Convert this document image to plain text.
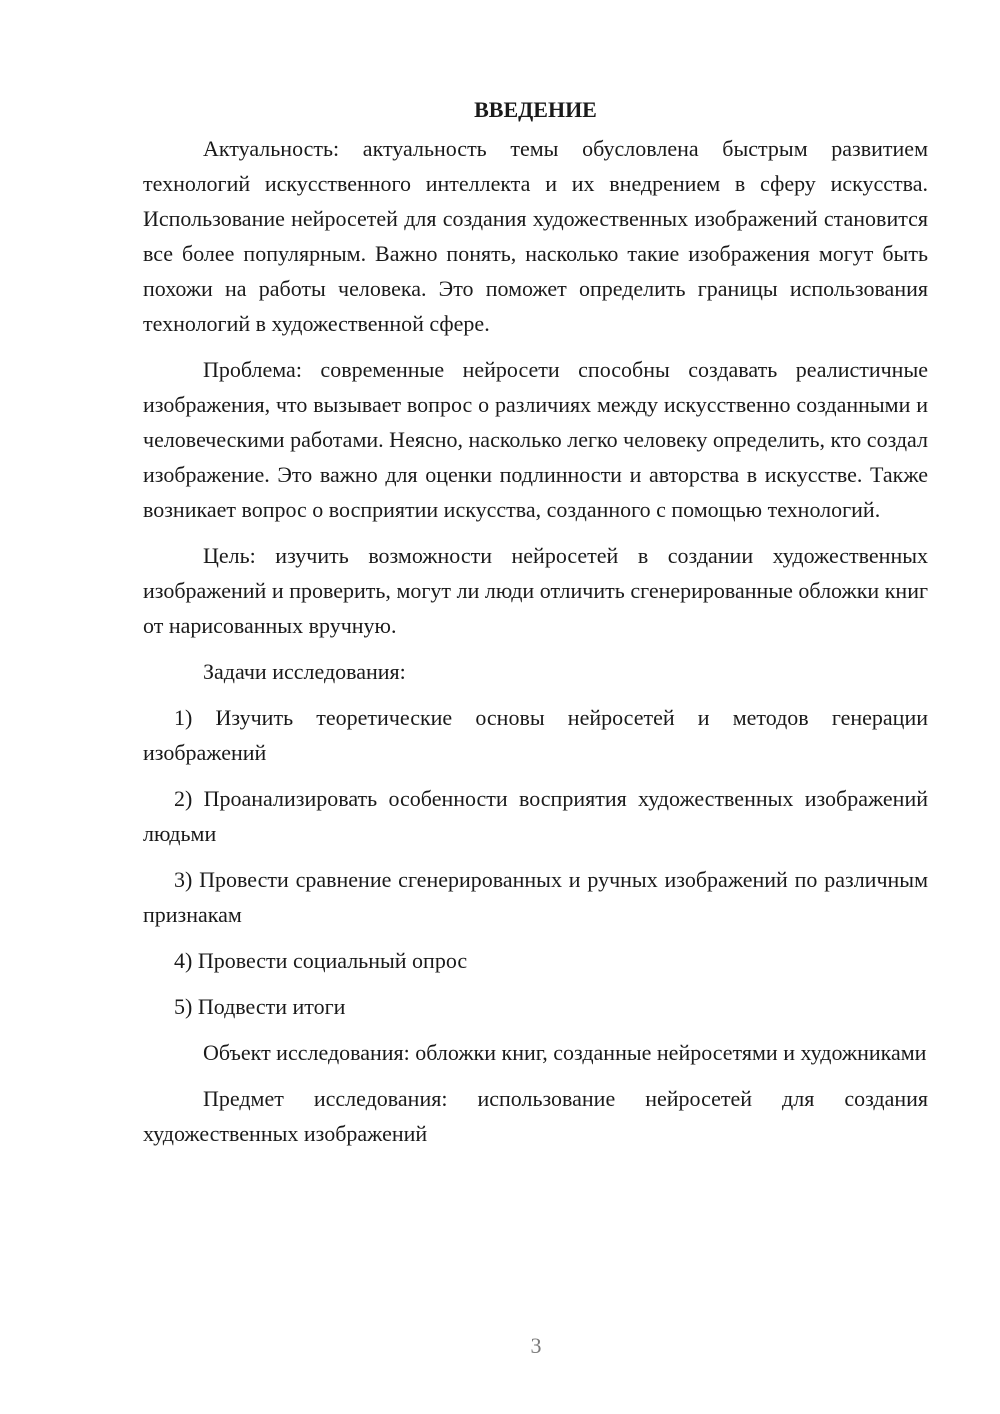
ВВЕДЕНИЕ

Актуальность: актуальность темы обусловлена быстрым развитием технологий искусственного интеллекта и их внедрением в сферу искусства. Использование нейросетей для создания художественных изображений становится все более популярным. Важно понять, насколько такие изображения могут быть похожи на работы человека. Это поможет определить границы использования технологий в художественной сфере.

Проблема: современные нейросети способны создавать реалистичные изображения, что вызывает вопрос о различиях между искусственно созданными и человеческими работами. Неясно, насколько легко человеку определить, кто создал изображение. Это важно для оценки подлинности и авторства в искусстве. Также возникает вопрос о восприятии искусства, созданного с помощью технологий.

Цель: изучить возможности нейросетей в создании художественных изображений и проверить, могут ли люди отличить сгенерированные обложки книг от нарисованных вручную.

Задачи исследования:

1) Изучить теоретические основы нейросетей и методов генерации изображений

2) Проанализировать особенности восприятия художественных изображений людьми

3) Провести сравнение сгенерированных и ручных изображений по различным признакам

4) Провести социальный опрос

5) Подвести итоги

Объект исследования: обложки книг, созданные нейросетями и художниками

Предмет исследования: использование нейросетей для создания художественных изображений

3
